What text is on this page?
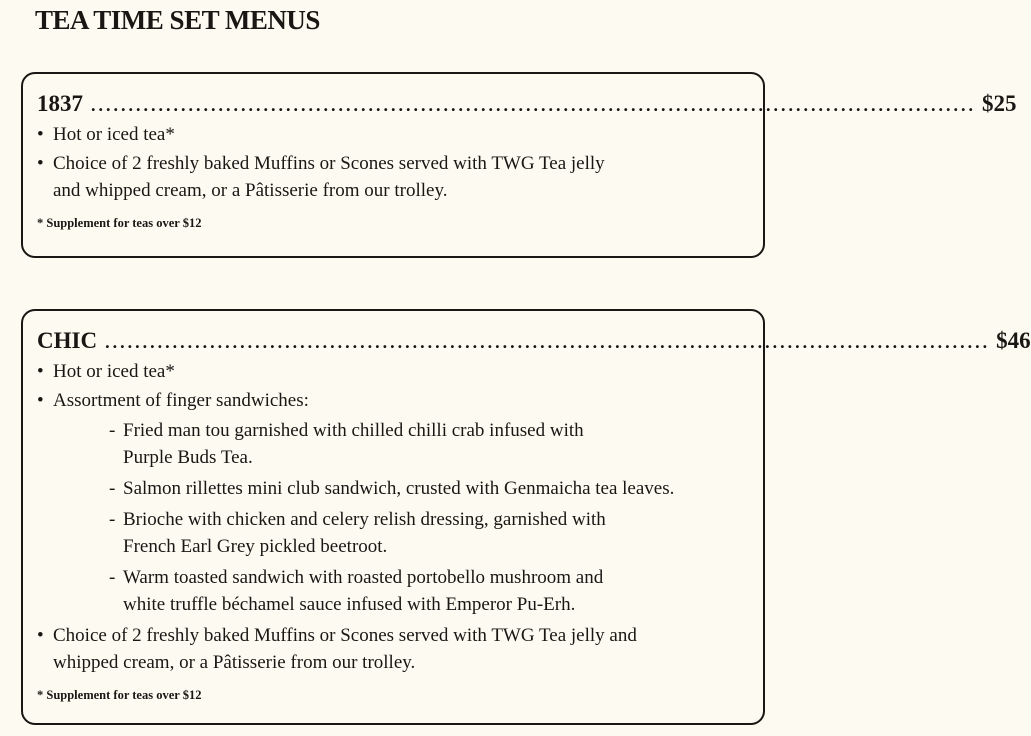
TEA TIME SET MENUS
1837 ...................................................................................................................... $25
• Hot or iced tea*
• Choice of 2 freshly baked Muffins or Scones served with TWG Tea jelly
and whipped cream, or a Pâtisserie from our trolley.
* Supplement for teas over $12
CHIC ...................................................................................................................... $46
• Hot or iced tea*
• Assortment of finger sandwiches:
- Fried man tou garnished with chilled chilli crab infused with
Purple Buds Tea.
- Salmon rillettes mini club sandwich, crusted with Genmaicha tea leaves.
- Brioche with chicken and celery relish dressing, garnished with
French Earl Grey pickled beetroot.
- Warm toasted sandwich with roasted portobello mushroom and
white truffle béchamel sauce infused with Emperor Pu-Erh.
• Choice of 2 freshly baked Muffins or Scones served with TWG Tea jelly and
whipped cream, or a Pâtisserie from our trolley.
* Supplement for teas over $12
